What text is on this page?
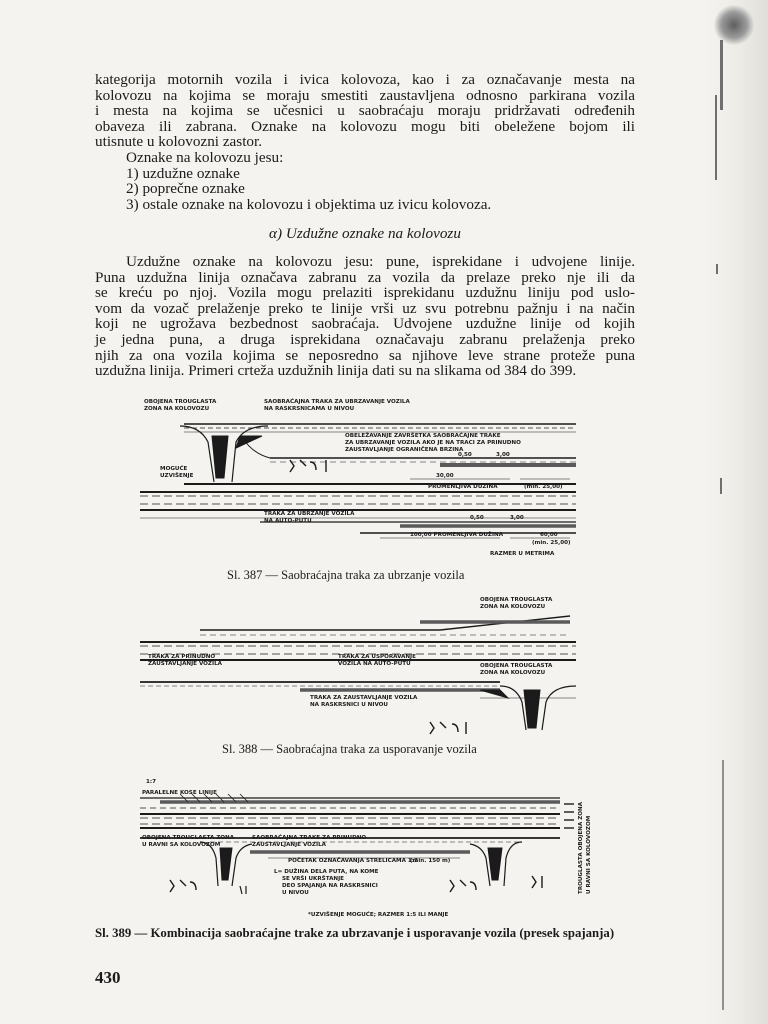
kategorija motornih vozila i ivica kolovoza, kao i za označavanje mesta na
kolovozu na kojima se moraju smestiti zaustavljena odnosno parkirana vozila
i mesta na kojima se učesnici u saobraćaju moraju pridržavati određenih
obaveza ili zabrana. Oznake na kolovozu mogu biti obeležene bojom ili
utisnute u kolovozni zastor.
Oznake na kolovozu jesu:
1) uzdužne oznake
2) poprečne oznake
3) ostale oznake na kolovozu i objektima uz ivicu kolovoza.
α) Uzdužne oznake na kolovozu
Uzdužne oznake na kolovozu jesu: pune, isprekidane i udvojene linije.
Puna uzdužna linija označava zabranu za vozila da prelaze preko nje ili da
se kreću po njoj. Vozila mogu prelaziti isprekidanu uzdužnu liniju pod uslo-
vom da vozač prelaženje preko te linije vrši uz svu potrebnu pažnju i na način
koji ne ugrožava bezbednost saobraćaja. Udvojene uzdužne linije od kojih
je jedna puna, a druga isprekidana označavaju zabranu prelaženja preko
njih za ona vozila kojima se neposredno sa njihove leve strane proteže puna
uzdužna linija. Primeri crteža uzdužnih linija dati su na slikama od 384 do 399.
OBOJENA TROUGLASTA
ZONA NA KOLOVOZU
SAOBRAĆAJNA TRAKA ZA UBRZAVANJE VOZILA
NA RASKRSNICAMA U NIVOU
OBELEŽAVANJE ZAVRŠETKA SAOBRAĆAJNE TRAKE
ZA UBRZAVANJE VOZILA AKO JE NA TRACI ZA PRINUDNO
ZAUSTAVLJANJE OGRANIČENA BRZINA
MOGUĆE
UZVIŠENJE
0,50	3,00
30,00
PROMENLJIVA DUŽINA	(min. 25,00)
TRAKA ZA UBRZANJE VOZILA
NA AUTO-PUTU	0,50	3,00
100,00 PROMENLJIVA DUŽINA	60,00
(min. 25,00)
RAZMER U METRIMA
Sl. 387 — Saobraćajna traka za ubrzanje vozila
OBOJENA TROUGLASTA
ZONA NA KOLOVOZU
TRAKA ZA PRINUDNO
ZAUSTAVLJANJE VOZILA
TRAKA ZA USPORAVANJE
VOZILA NA AUTO-PUTU	OBOJENA TROUGLASTA
ZONA NA KOLOVOZU
TRAKA ZA ZAUSTAVLJANJE VOZILA
NA RASKRSNICI U NIVOU
Sl. 388 — Saobraćajna traka za usporavanje vozila
1:7
PARALELNE KOSE LINIJE
OBOJENA TROUGLASTA ZONA
U RAVNI SA KOLOVOZOM
SAOBRAĆAJNA TRAKE ZA PRINUDNO
ZAUSTAVLJANJE VOZILA
POČETAK OZNAČAVANJA STRELICAMA 1:2
(min. 150 m)
L= DUŽINA DELA PUTA, NA KOME
SE VRŠI UKRŠTANJE
DEO SPAJANJA NA RASKRSNICI
U NIVOU	TROUGLASTA OBOJENA ZONA U RAVNI SA KOLOVOZOM
*UZVIŠENJE MOGUĆE; RAZMER 1:5 ILI MANJE
Sl. 389 — Kombinacija saobraćajne trake za ubrzavanje i usporavanje vozila (presek spajanja)
430
